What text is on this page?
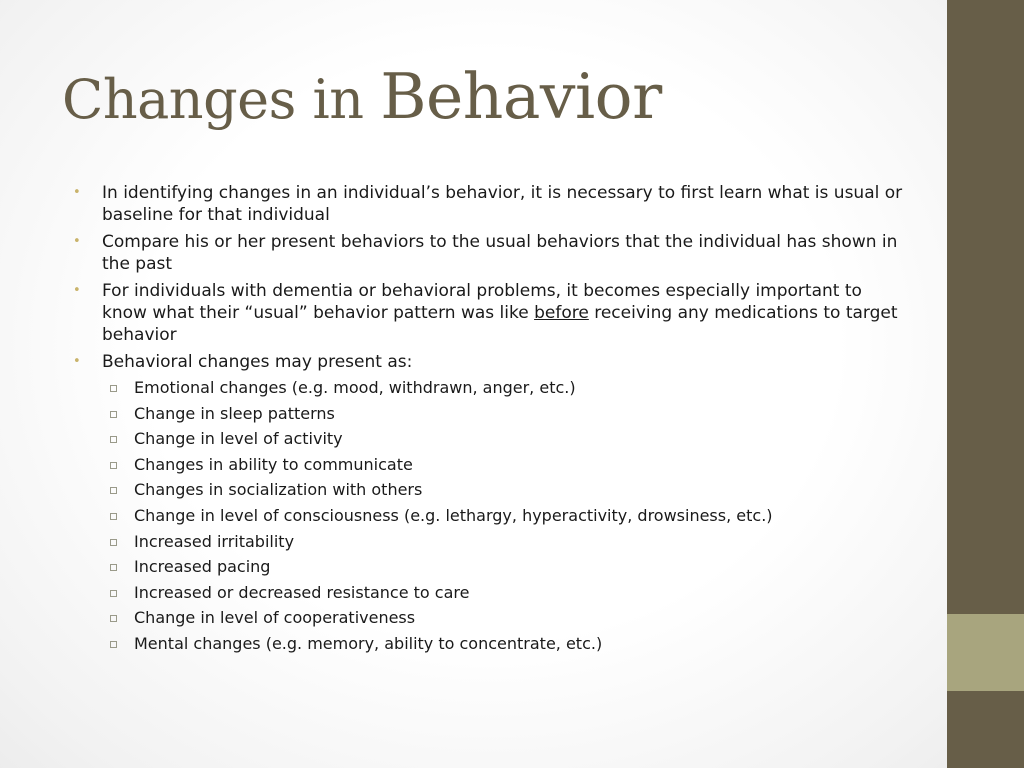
Changes in Behavior
• In identifying changes in an individual’s behavior, it is necessary to first learn what is usual or baseline for that individual
• Compare his or her present behaviors to the usual behaviors that the individual has shown in the past
• For individuals with dementia or behavioral problems, it becomes especially important to know what their “usual” behavior pattern was like before receiving any medications to target behavior
• Behavioral changes may present as:
Emotional changes (e.g. mood, withdrawn, anger, etc.)
Change in sleep patterns
Change in level of activity
Changes in ability to communicate
Changes in socialization with others
Change in level of consciousness (e.g. lethargy, hyperactivity, drowsiness, etc.)
Increased irritability
Increased pacing
Increased or decreased resistance to care
Change in level of cooperativeness
Mental changes (e.g. memory, ability to concentrate, etc.)
